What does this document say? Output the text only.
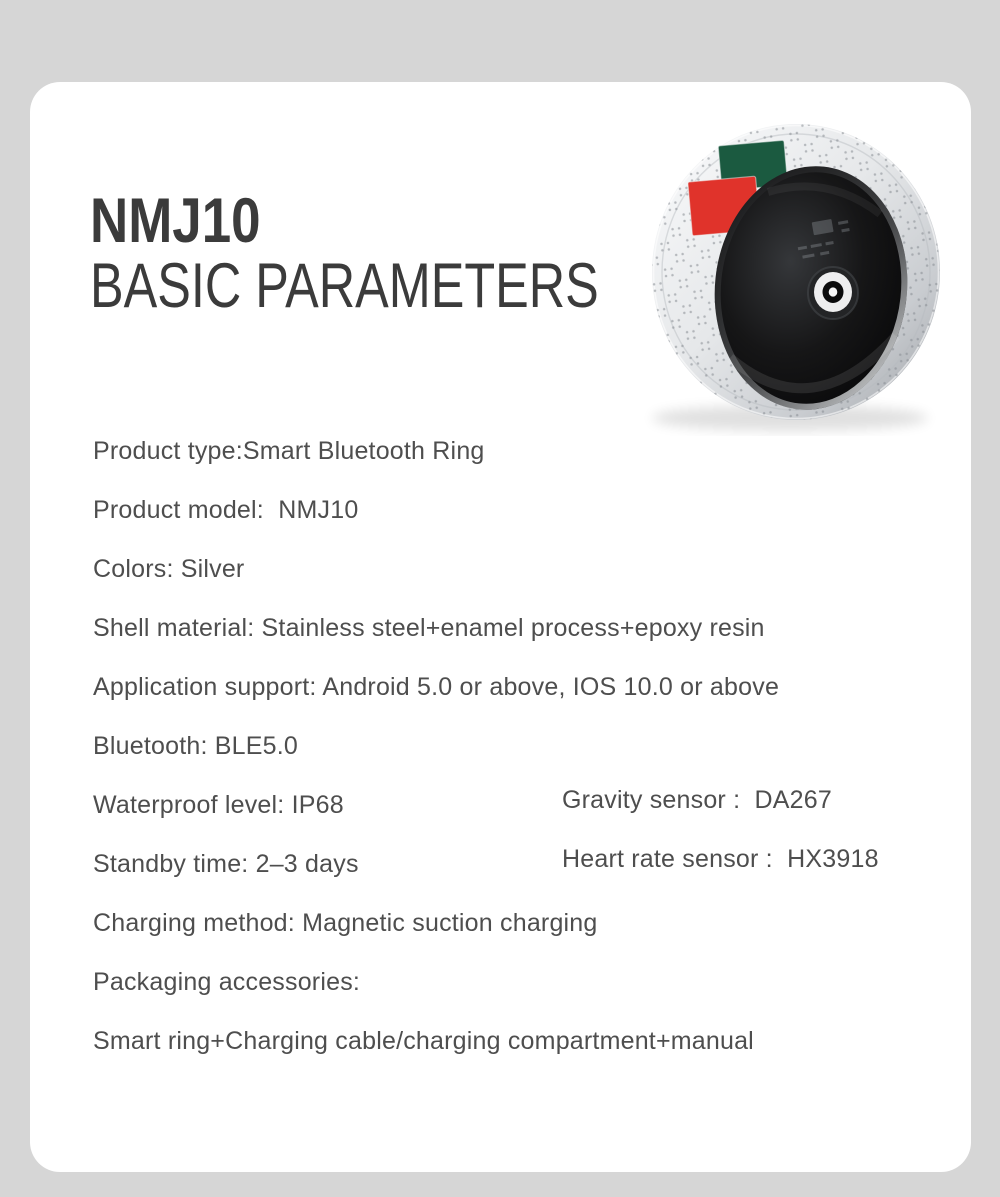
NMJ10
BASIC PARAMETERS
Product type:Smart Bluetooth Ring
Product model:  NMJ10
Colors: Silver
Shell material: Stainless steel+enamel process+epoxy resin
Application support: Android 5.0 or above, IOS 10.0 or above
Bluetooth: BLE5.0
Waterproof level: IP68	Gravity sensor :  DA267
Standby time: 2–3 days	Heart rate sensor :  HX3918
Charging method: Magnetic suction charging
Packaging accessories:
Smart ring+Charging cable/charging compartment+manual
